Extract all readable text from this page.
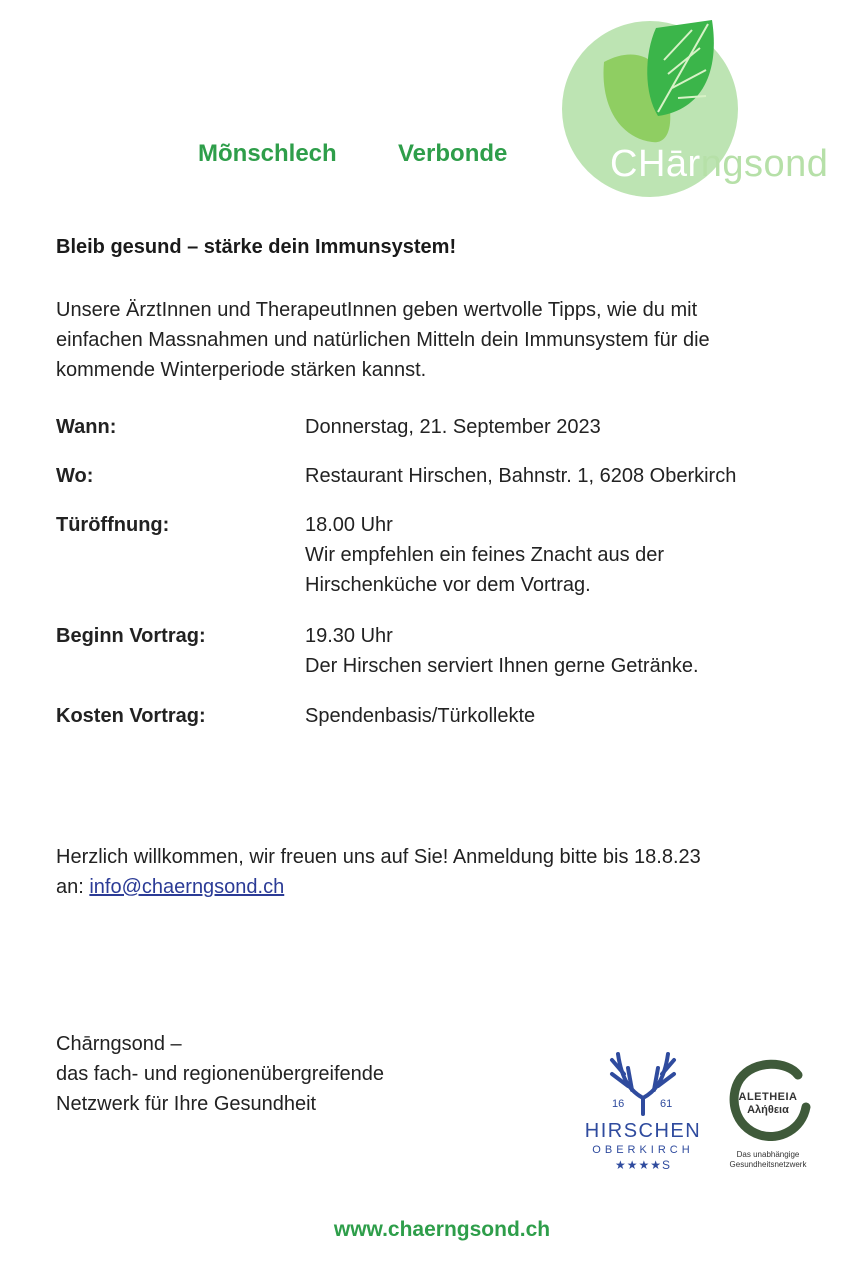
Mõnschlech	Verbonde	CHārngsond
Bleib gesund – stärke dein Immunsystem!
Unsere ÄrztInnen und TherapeutInnen geben wertvolle Tipps, wie du mit
einfachen Massnahmen und natürlichen Mitteln dein Immunsystem für die
kommende Winterperiode stärken kannst.
Wann:	Donnerstag, 21. September 2023
Wo:	Restaurant Hirschen, Bahnstr. 1, 6208 Oberkirch
Türöffnung:	18.00 Uhr
Wir empfehlen ein feines Znacht aus der
Hirschenküche vor dem Vortrag.
Beginn Vortrag:	19.30 Uhr
Der Hirschen serviert Ihnen gerne Getränke.
Kosten Vortrag:	Spendenbasis/Türkollekte
Herzlich willkommen, wir freuen uns auf Sie! Anmeldung bitte bis 18.8.23
an: info@chaerngsond.ch
Chārngsond –
das fach- und regionenübergreifende
Netzwerk für Ihre Gesundheit	16	61
HIRSCHEN
OBERKIRCH
★★★★S
ALETHEIA
Αλήθεια
Das unabhängige
Gesundheitsnetzwerk
www.chaerngsond.ch
